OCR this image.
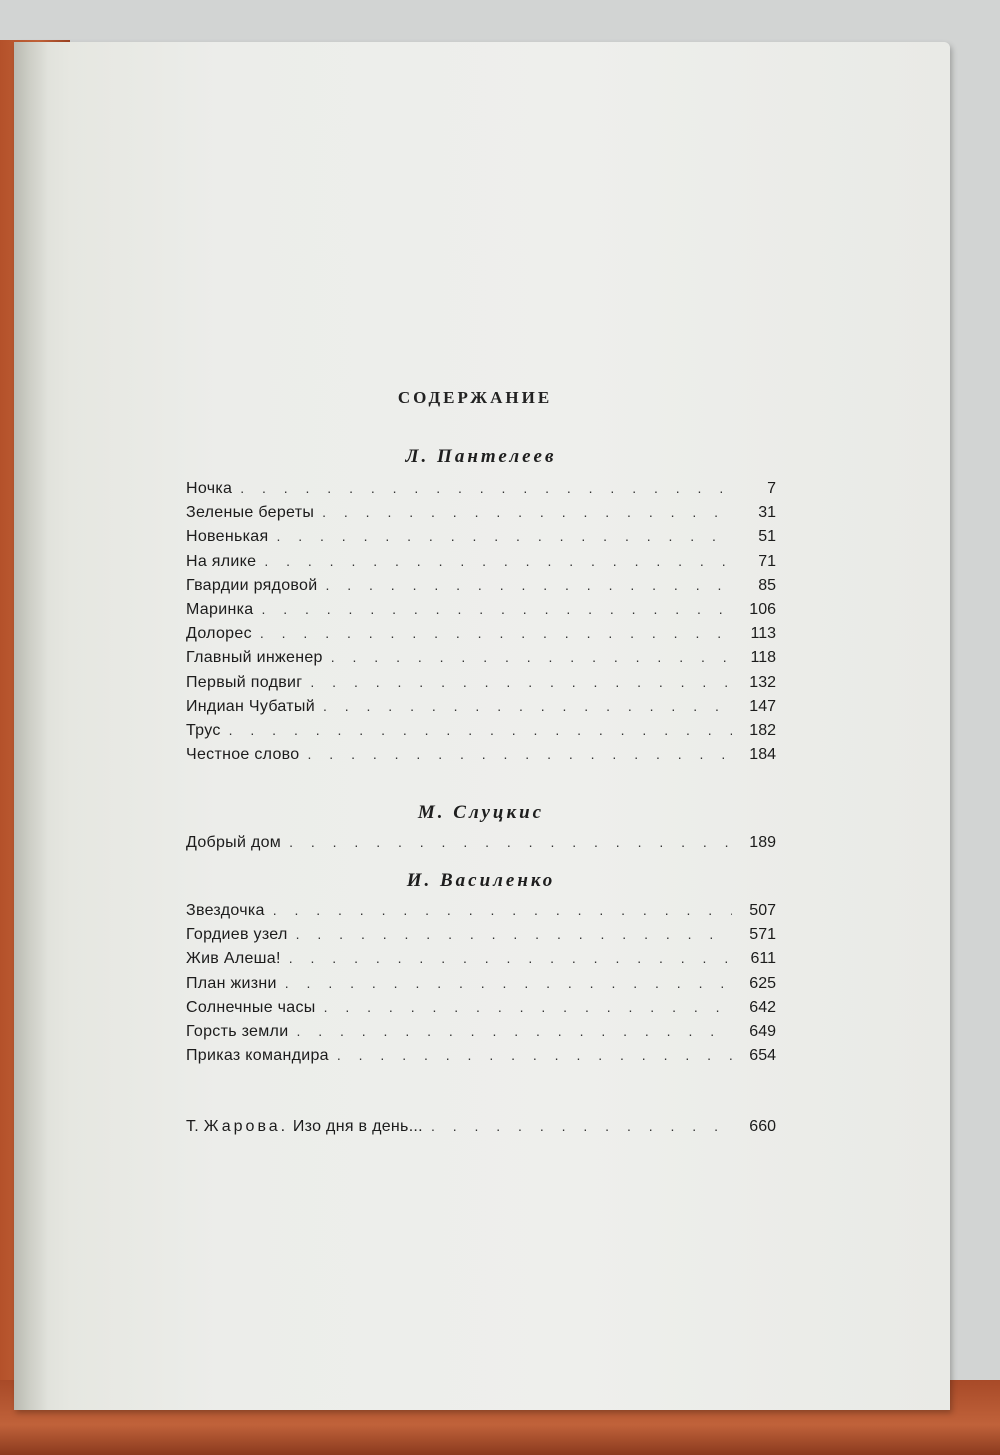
СОДЕРЖАНИЕ
Л. Пантелеев
Ночка . . .	7
Зеленые береты . . .	31
Новенькая . . .	51
На ялике . . .	71
Гвардии рядовой . . .	85
Маринка . . .	106
Долорес . . .	113
Главный инженер . . .	118
Первый подвиг . . .	132
Индиан Чубатый . . .	147
Трус . . .	182
Честное слово . . .	184
М. Слуцкис
Добрый дом . . .	189
И. Василенко
Звездочка . . .	507
Гордиев узел . . .	571
Жив Алеша! . . .	611
План жизни . . .	625
Солнечные часы . . .	642
Горсть земли . . .	649
Приказ командира . . .	654
Т. Жарова. Изо дня в день... . . .	660
